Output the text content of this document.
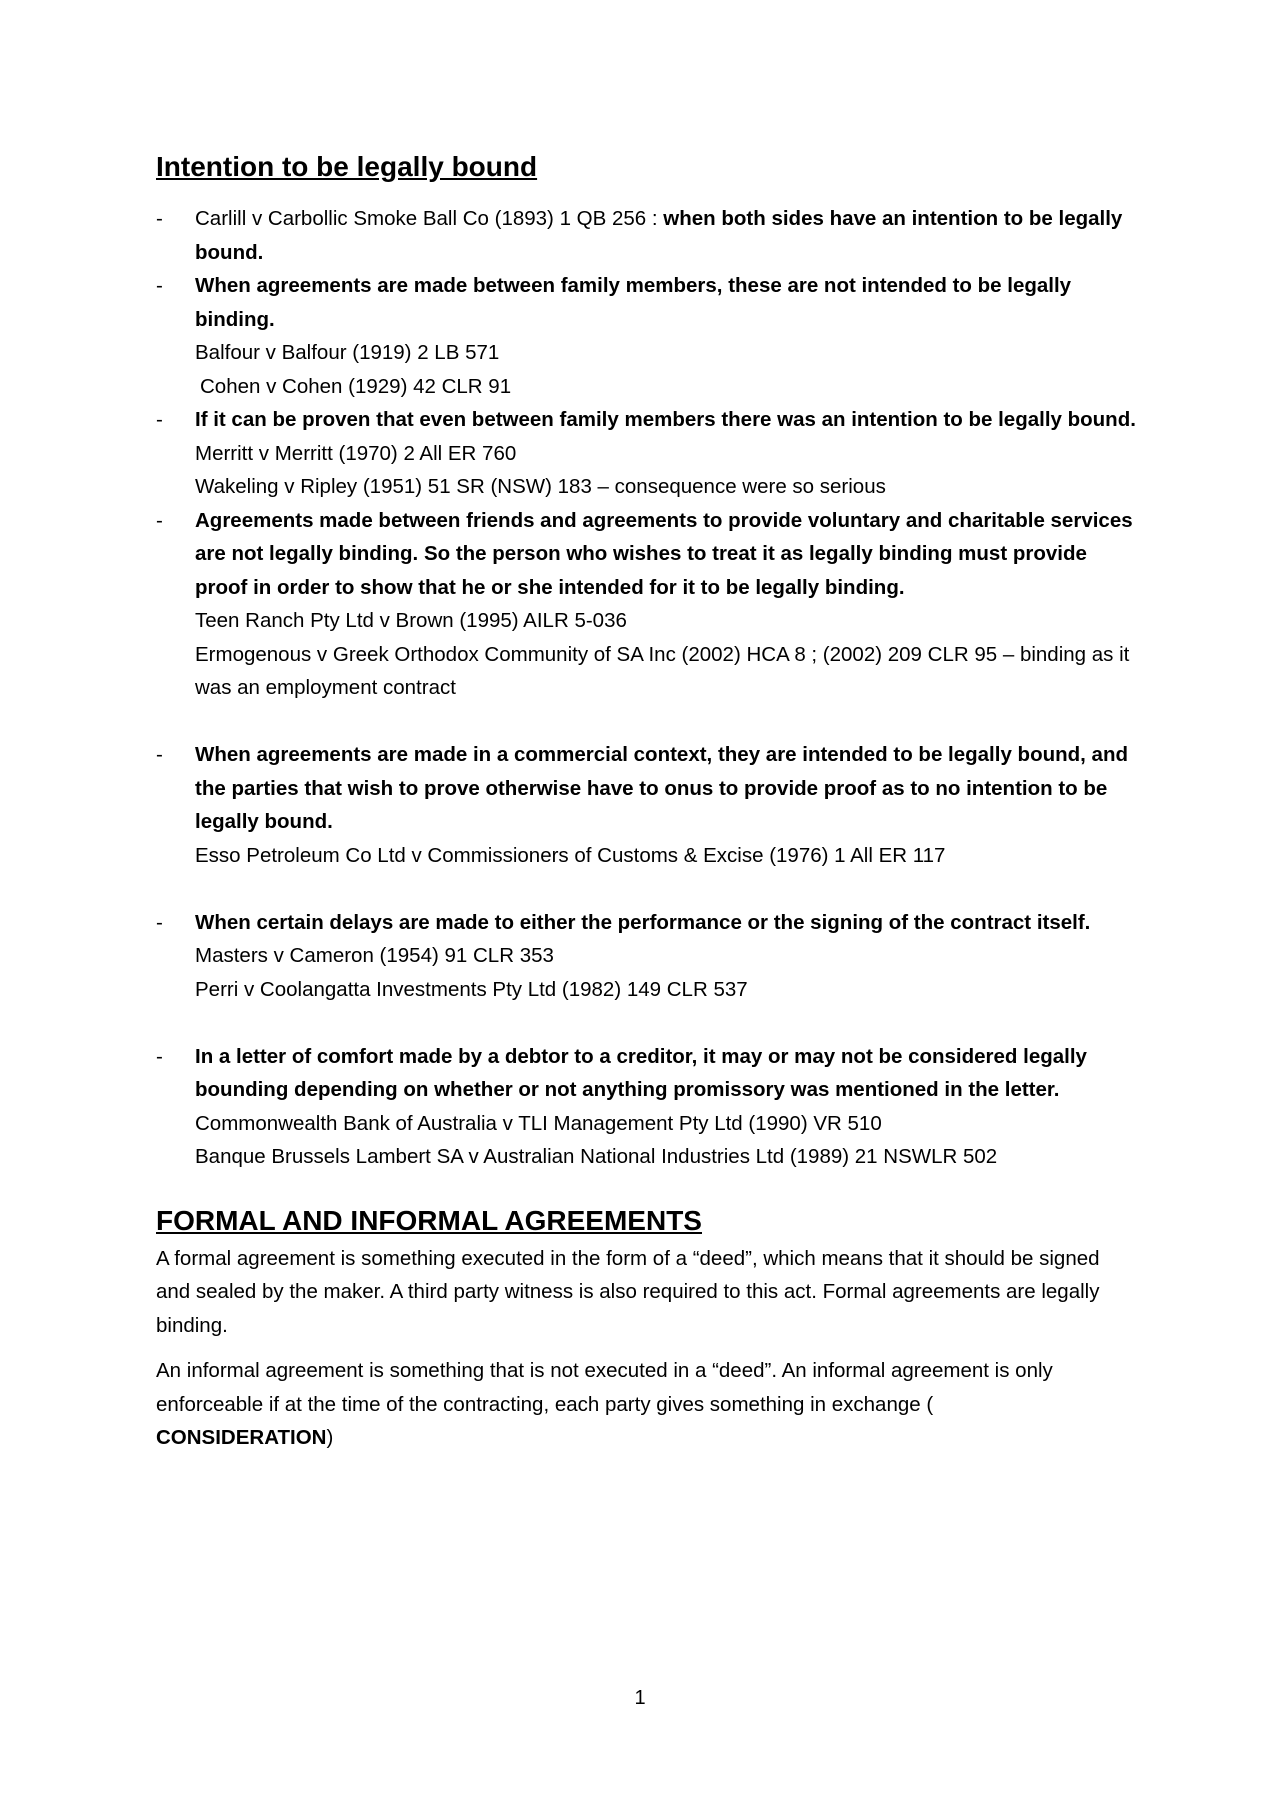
Intention to be legally bound
- Carlill v Carbollic Smoke Ball Co (1893) 1 QB 256 : when both sides have an intention to be legally bound.
- When agreements are made between family members, these are not intended to be legally binding.
Balfour v Balfour (1919) 2 LB 571
Cohen v Cohen (1929) 42 CLR 91
- If it can be proven that even between family members there was an intention to be legally bound.
Merritt v Merritt (1970) 2 All ER 760
Wakeling v Ripley (1951) 51 SR (NSW) 183 – consequence were so serious
- Agreements made between friends and agreements to provide voluntary and charitable services are not legally binding. So the person who wishes to treat it as legally binding must provide proof in order to show that he or she intended for it to be legally binding.
Teen Ranch Pty Ltd v Brown (1995) AILR 5-036
Ermogenous v Greek Orthodox Community of SA Inc (2002) HCA 8 ; (2002) 209 CLR 95 – binding as it was an employment contract
- When agreements are made in a commercial context, they are intended to be legally bound, and the parties that wish to prove otherwise have to onus to provide proof as to no intention to be legally bound.
Esso Petroleum Co Ltd v Commissioners of Customs & Excise (1976) 1 All ER 117
- When certain delays are made to either the performance or the signing of the contract itself.
Masters v Cameron (1954) 91 CLR 353
Perri v Coolangatta Investments Pty Ltd (1982) 149 CLR 537
- In a letter of comfort made by a debtor to a creditor, it may or may not be considered legally bounding depending on whether or not anything promissory was mentioned in the letter.
Commonwealth Bank of Australia v TLI Management Pty Ltd (1990) VR 510
Banque Brussels Lambert SA v Australian National Industries Ltd (1989) 21 NSWLR 502
FORMAL AND INFORMAL AGREEMENTS

A formal agreement is something executed in the form of a “deed”, which means that it should be signed and sealed by the maker. A third party witness is also required to this act. Formal agreements are legally binding.

An informal agreement is something that is not executed in a “deed”. An informal agreement is only enforceable if at the time of the contracting, each party gives something in exchange (
CONSIDERATION)

1
